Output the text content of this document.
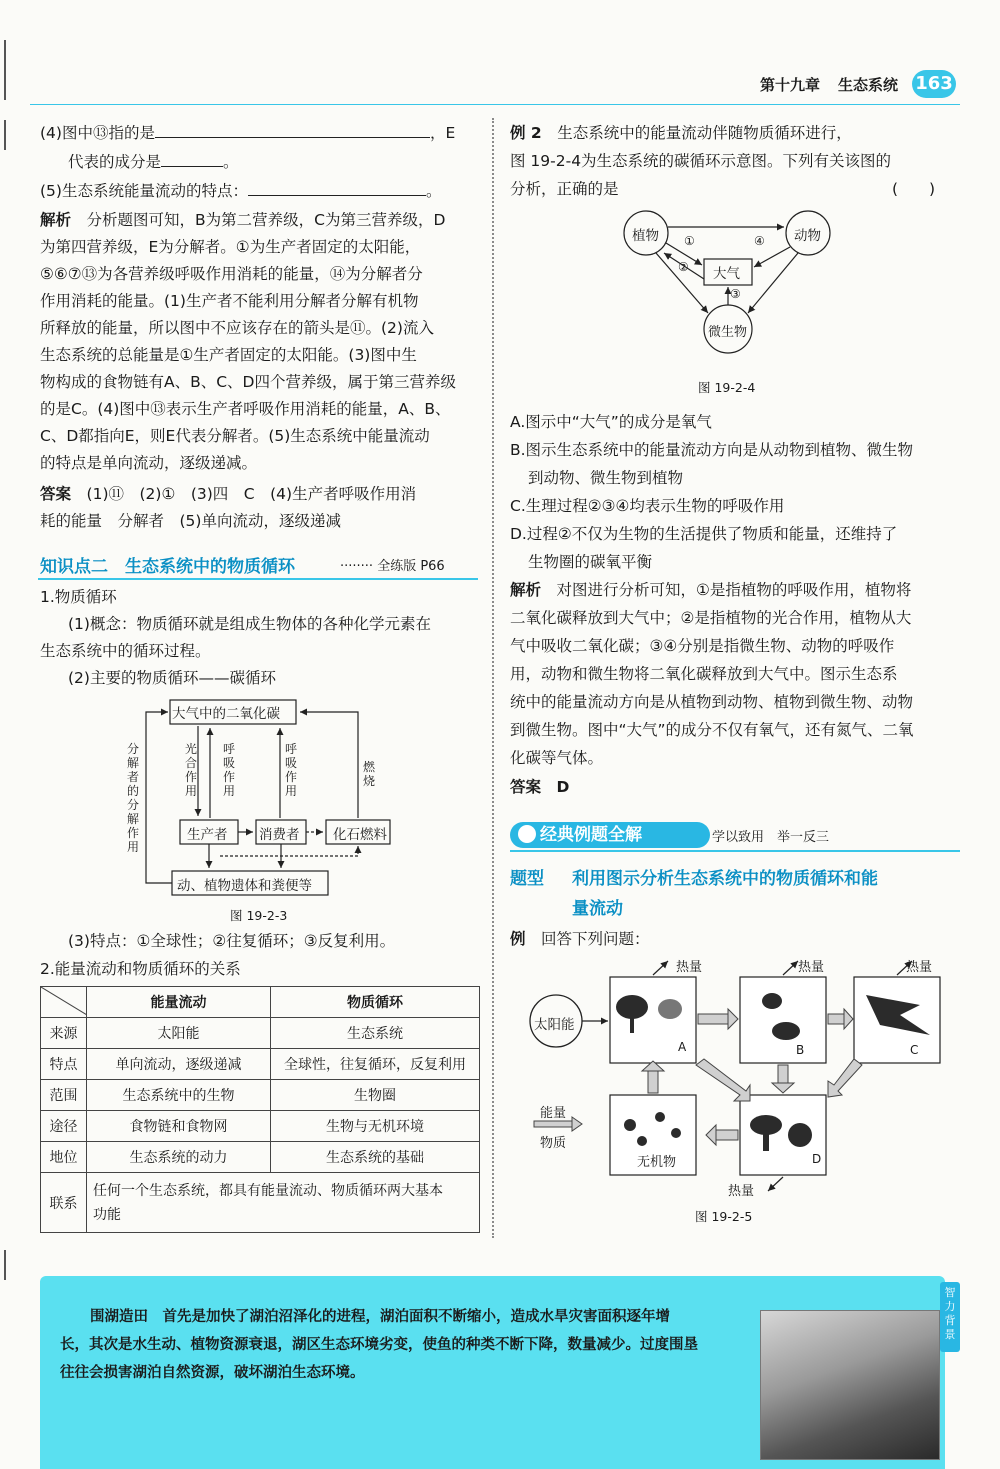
第十九章 生态系统 163
(4)图中⑬指的是	，E
代表的成分是	。
(5)生态系统能量流动的特点：	。
解析　 分析题图可知，B为第二营养级，C为第三营养级，D
为第四营养级，E为分解者。①为生产者固定的太阳能，
⑤⑥⑦⑬为各营养级呼吸作用消耗的能量，⑭为分解者分
作用消耗的能量。(1)生产者不能利用分解者分解有机物
所释放的能量，所以图中不应该存在的箭头是⑪。(2)流入
生态系统的总能量是①生产者固定的太阳能。(3)图中生
物构成的食物链有A、B、C、D四个营养级，属于第三营养级
的是C。(4)图中⑬表示生产者呼吸作用消耗的能量，A、B、
C、D都指向E，则E代表分解者。(5)生态系统中能量流动
的特点是单向流动，逐级递减。
答案　 (1)⑪　(2)①　(3)四　C　(4)生产者呼吸作用消
耗的能量　分解者　(5)单向流动，逐级递减
知识点二　生态系统中的物质循环	········ 全练版 P66
1.物质循环
(1)概念：物质循环就是组成生物体的各种化学元素在
生态系统中的循环过程。
(2)主要的物质循环——碳循环
大气中的二氧化碳
生产者 消费者 化石燃料
动、植物遗体和粪便等
分
解
者
的
分
解
作
用
光
合
作
用
呼
吸
作
用
呼
吸
作
用
燃
烧
图 19-2-3
(3)特点：①全球性；②往复循环；③反复利用。
2.能量流动和物质循环的关系
	能量流动	物质循环
来源	太阳能	生态系统
特点	单向流动，逐级递减	全球性，往复循环，反复利用
范围	生态系统中的生物	生物圈
途径	食物链和食物网	生物与无机环境
地位	生态系统的动力	生态系统的基础
联系	任何一个生态系统，都具有能量流动、物质循环两大基本
功能	
例 2　 生态系统中的能量流动伴随物质循环进行，
图 19-2-4为生态系统的碳循环示意图。下列有关该图的
分析，正确的是	(　　)
植物	动物
大气
微生物
①
②
③
④
图 19-2-4
A.图示中“大气”的成分是氧气
B.图示生态系统中的能量流动方向是从动物到植物、微生物
到动物、微生物到植物
C.生理过程②③④均表示生物的呼吸作用
D.过程②不仅为生物的生活提供了物质和能量，还维持了
生物圈的碳氧平衡
解析　 对图进行分析可知，①是指植物的呼吸作用，植物将
二氧化碳释放到大气中；②是指植物的光合作用，植物从大
气中吸收二氧化碳；③④分别是指微生物、动物的呼吸作
用，动物和微生物将二氧化碳释放到大气中。图示生态系
统中的能量流动方向是从植物到动物、植物到微生物、动物
到微生物。图中“大气”的成分不仅有氧气，还有氮气、二氧
化碳等气体。
答案　 D
经典例题全解	学以致用　举一反三
题型 利用图示分析生态系统中的物质循环和能
量流动
例　 回答下列问题：
太阳能
热量	热量	热量
热量
A	B	C
D
无机物
能量
物质
图 19-2-5
围湖造田　 首先是加快了湖泊沼泽化的进程，湖泊面积不断缩小，造成水旱灾害面积逐年增
长，其次是水生动、植物资源衰退，湖区生态环境劣变，使鱼的种类不断下降，数量减少。过度围垦
往往会损害湖泊自然资源，破坏湖泊生态环境。
智力背景
